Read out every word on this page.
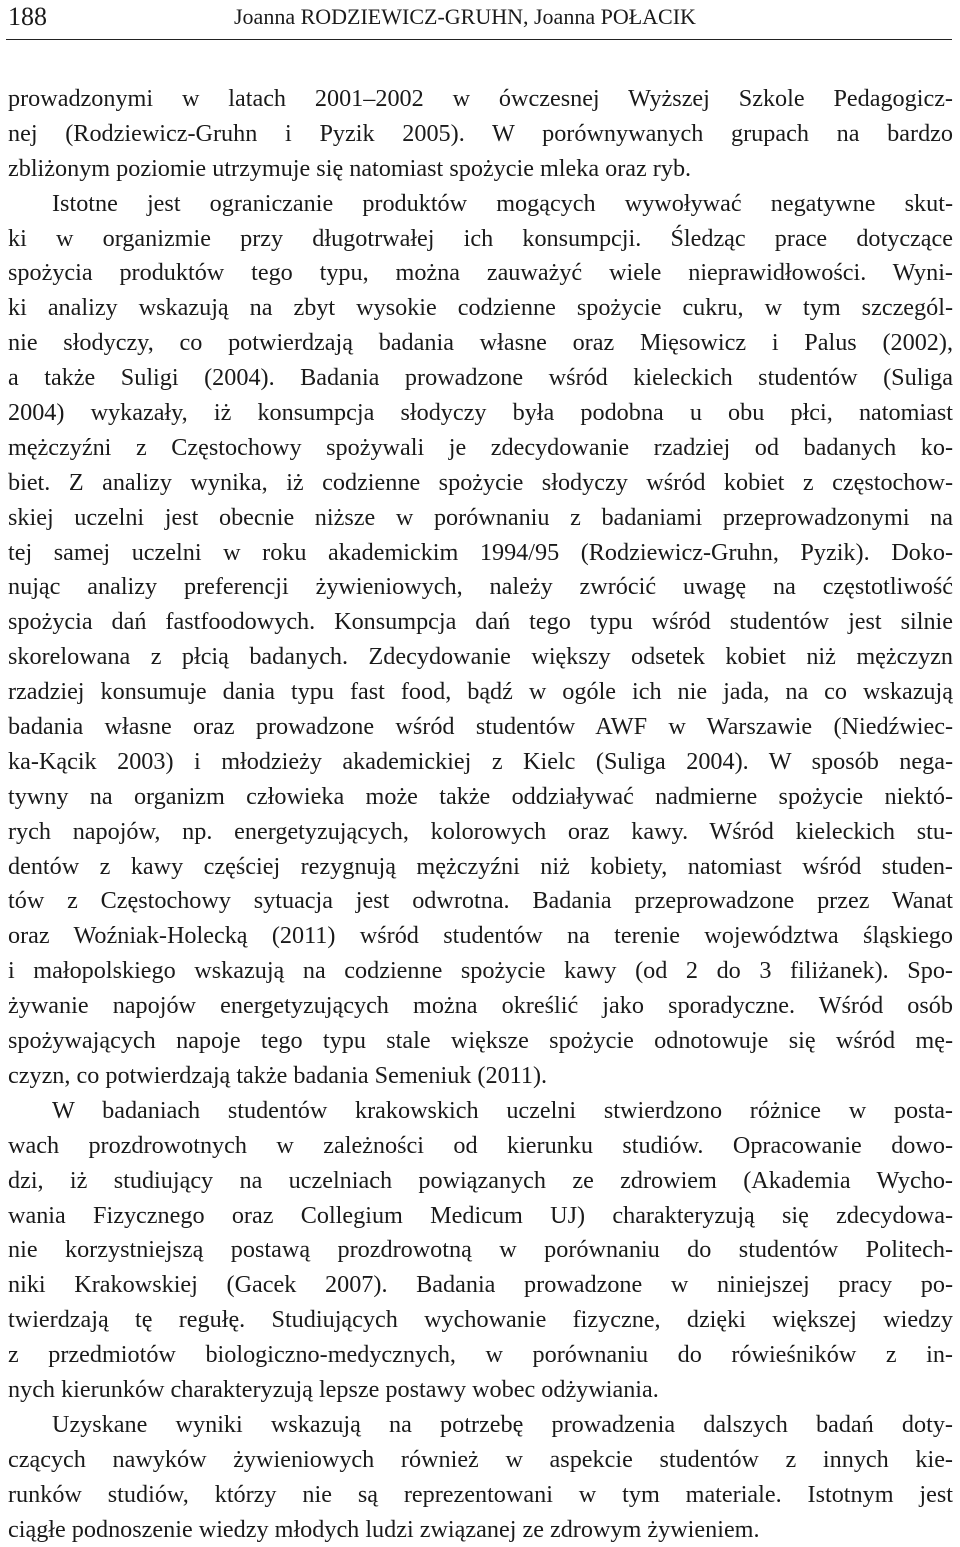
188	Joanna RODZIEWICZ-GRUHN, Joanna POŁACIK
prowadzonymi w latach 2001–2002 w ówczesnej Wyższej Szkole Pedagogicz-
nej (Rodziewicz-Gruhn i Pyzik 2005). W porównywanych grupach na bardzo
zbliżonym poziomie utrzymuje się natomiast spożycie mleka oraz ryb.
Istotne jest ograniczanie produktów mogących wywoływać negatywne skut-
ki w organizmie przy długotrwałej ich konsumpcji. Śledząc prace dotyczące
spożycia produktów tego typu, można zauważyć wiele nieprawidłowości. Wyni-
ki analizy wskazują na zbyt wysokie codzienne spożycie cukru, w tym szczegól-
nie słodyczy, co potwierdzają badania własne oraz Mięsowicz i Palus (2002),
a także Suligi (2004). Badania prowadzone wśród kieleckich studentów (Suliga
2004) wykazały, iż konsumpcja słodyczy była podobna u obu płci, natomiast
mężczyźni z Częstochowy spożywali je zdecydowanie rzadziej od badanych ko-
biet. Z analizy wynika, iż codzienne spożycie słodyczy wśród kobiet z częstochow-
skiej uczelni jest obecnie niższe w porównaniu z badaniami przeprowadzonymi na
tej samej uczelni w roku akademickim 1994/95 (Rodziewicz-Gruhn, Pyzik). Doko-
nując analizy preferencji żywieniowych, należy zwrócić uwagę na częstotliwość
spożycia dań fastfoodowych. Konsumpcja dań tego typu wśród studentów jest silnie
skorelowana z płcią badanych. Zdecydowanie większy odsetek kobiet niż mężczyzn
rzadziej konsumuje dania typu fast food, bądź w ogóle ich nie jada, na co wskazują
badania własne oraz prowadzone wśród studentów AWF w Warszawie (Niedźwiec-
ka-Kącik 2003) i młodzieży akademickiej z Kielc (Suliga 2004). W sposób nega-
tywny na organizm człowieka może także oddziaływać nadmierne spożycie niektó-
rych napojów, np. energetyzujących, kolorowych oraz kawy. Wśród kieleckich stu-
dentów z kawy częściej rezygnują mężczyźni niż kobiety, natomiast wśród studen-
tów z Częstochowy sytuacja jest odwrotna. Badania przeprowadzone przez Wanat
oraz Woźniak-Holecką (2011) wśród studentów na terenie województwa śląskiego
i małopolskiego wskazują na codzienne spożycie kawy (od 2 do 3 filiżanek). Spo-
żywanie napojów energetyzujących można określić jako sporadyczne. Wśród osób
spożywających napoje tego typu stale większe spożycie odnotowuje się wśród mę-
czyzn, co potwierdzają także badania Semeniuk (2011).
W badaniach studentów krakowskich uczelni stwierdzono różnice w posta-
wach prozdrowotnych w zależności od kierunku studiów. Opracowanie dowo-
dzi, iż studiujący na uczelniach powiązanych ze zdrowiem (Akademia Wycho-
wania Fizycznego oraz Collegium Medicum UJ) charakteryzują się zdecydowa-
nie korzystniejszą postawą prozdrowotną w porównaniu do studentów Politech-
niki Krakowskiej (Gacek 2007). Badania prowadzone w niniejszej pracy po-
twierdzają tę regułę. Studiujących wychowanie fizyczne, dzięki większej wiedzy
z przedmiotów biologiczno-medycznych, w porównaniu do rówieśników z in-
nych kierunków charakteryzują lepsze postawy wobec odżywiania.
Uzyskane wyniki wskazują na potrzebę prowadzenia dalszych badań doty-
czących nawyków żywieniowych również w aspekcie studentów z innych kie-
runków studiów, którzy nie są reprezentowani w tym materiale. Istotnym jest
ciągłe podnoszenie wiedzy młodych ludzi związanej ze zdrowym żywieniem.
